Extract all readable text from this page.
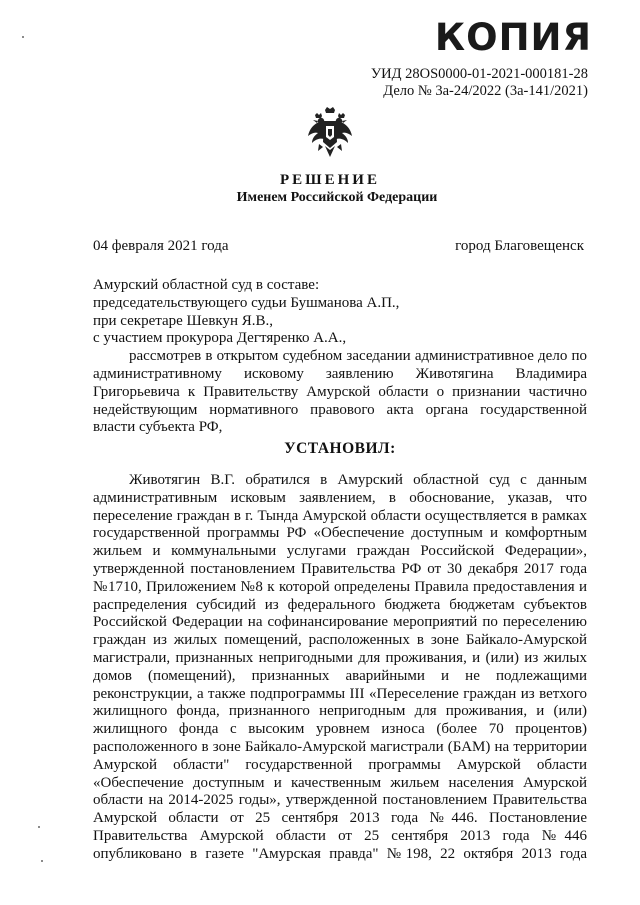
КОПИЯ
УИД 28OS0000-01-2021-000181-28
Дело № 3а-24/2022 (3а-141/2021)
РЕШЕНИЕ
Именем Российской Федерации
04 февраля 2021 года	город Благовещенск

Амурский областной суд в составе:

председательствующего судьи Бушманова А.П.,

при секретаре Шевкун Я.В.,

с участием прокурора Дегтяренко А.А.,

рассмотрев в открытом судебном заседании административное дело по административному исковому заявлению Животягина Владимира Григорьевича к Правительству Амурской области о признании частично недействующим нормативного правового акта органа государственной власти субъекта РФ,

УСТАНОВИЛ:

Животягин В.Г. обратился в Амурский областной суд с данным административным исковым заявлением, в обоснование, указав, что переселение граждан в г. Тында Амурской области осуществляется в рамках государственной программы РФ «Обеспечение доступным и комфортным жильем и коммунальными услугами граждан Российской Федерации», утвержденной постановлением Правительства РФ от 30 декабря 2017 года №1710, Приложением №8 к которой определены Правила предоставления и распределения субсидий из федерального бюджета бюджетам субъектов Российской Федерации на софинансирование мероприятий по переселению граждан из жилых помещений, расположенных в зоне Байкало-Амурской магистрали, признанных непригодными для проживания, и (или) из жилых домов (помещений), признанных аварийными и не подлежащими реконструкции, а также подпрограммы III «Переселение граждан из ветхого жилищного фонда, признанного непригодным для проживания, и (или) жилищного фонда с высоким уровнем износа (более 70 процентов) расположенного в зоне Байкало-Амурской магистрали (БАМ) на территории Амурской области" государственной программы Амурской области «Обеспечение доступным и качественным жильем населения Амурской области на 2014-2025 годы», утвержденной постановлением Правительства Амурской области от 25 сентября 2013 года №446. Постановление Правительства Амурской области от 25 сентября 2013 года №446 опубликовано в газете "Амурская правда" №198, 22 октября 2013 года
